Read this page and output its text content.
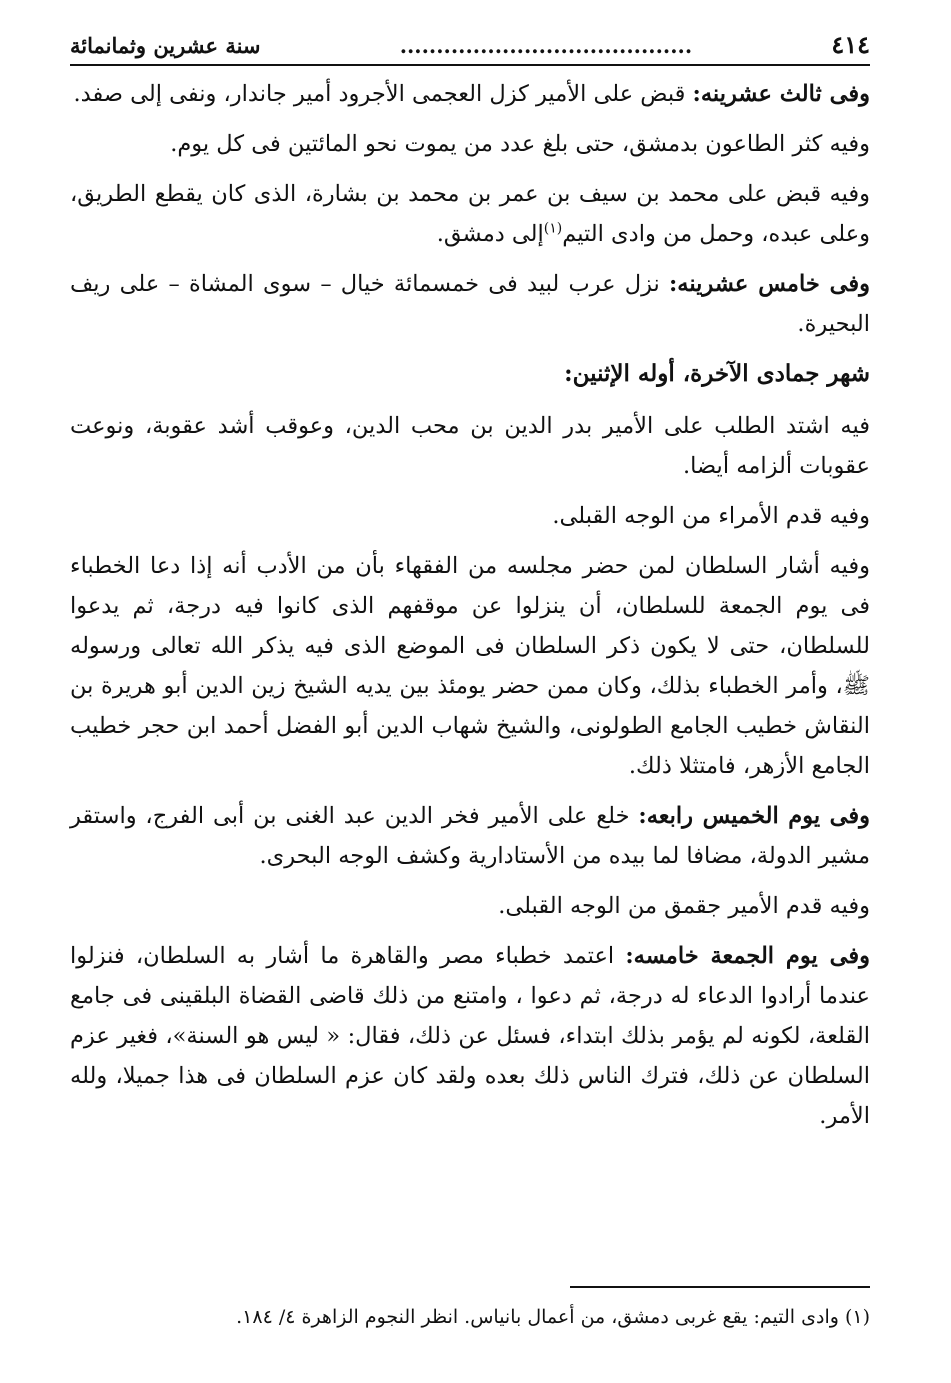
٤١٤
........................................
سنة عشرين وثمانمائة

وفى ثالث عشرينه: قبض على الأمير كزل العجمى الأجرود أمير جاندار، ونفى إلى صفد.

وفيه كثر الطاعون بدمشق، حتى بلغ عدد من يموت نحو المائتين فى كل يوم.

وفيه قبض على محمد بن سيف بن عمر بن محمد بن بشارة، الذى كان يقطع الطريق، وعلى عبده، وحمل من وادى التيم$^{(١)}$إلى دمشق.

وفى خامس عشرينه: نزل عرب لبيد فى خمسمائة خيال – سوى المشاة – على ريف البحيرة.

شهر جمادى الآخرة، أوله الإثنين:

فيه اشتد الطلب على الأمير بدر الدين بن محب الدين، وعوقب أشد عقوبة، ونوعت عقوبات ألزامه أيضا.

وفيه قدم الأمراء من الوجه القبلى.

وفيه أشار السلطان لمن حضر مجلسه من الفقهاء بأن من الأدب أنه إذا دعا الخطباء فى يوم الجمعة للسلطان، أن ينزلوا عن موقفهم الذى كانوا فيه درجة، ثم يدعوا للسلطان، حتى لا يكون ذكر السلطان فى الموضع الذى فيه يذكر الله تعالى ورسوله ﷺ، وأمر الخطباء بذلك، وكان ممن حضر يومئذ بين يديه الشيخ زين الدين أبو هريرة بن النقاش خطيب الجامع الطولونى، والشيخ شهاب الدين أبو الفضل أحمد ابن حجر خطيب الجامع الأزهر، فامتثلا ذلك.

وفى يوم الخميس رابعه: خلع على الأمير فخر الدين عبد الغنى بن أبى الفرج، واستقر مشير الدولة، مضافا لما بيده من الأستادارية وكشف الوجه البحرى.

وفيه قدم الأمير جقمق من الوجه القبلى.

وفى يوم الجمعة خامسه: اعتمد خطباء مصر والقاهرة ما أشار به السلطان، فنزلوا عندما أرادوا الدعاء له درجة، ثم دعوا ، وامتنع من ذلك قاضى القضاة البلقينى فى جامع القلعة، لكونه لم يؤمر بذلك ابتداء، فسئل عن ذلك، فقال: « ليس هو السنة»، فغير عزم السلطان عن ذلك، فترك الناس ذلك بعده ولقد كان عزم السلطان فى هذا جميلا، ولله الأمر.

(١) وادى التيم: يقع غربى دمشق، من أعمال بانياس. انظر النجوم الزاهرة ٤/ ١٨٤.
